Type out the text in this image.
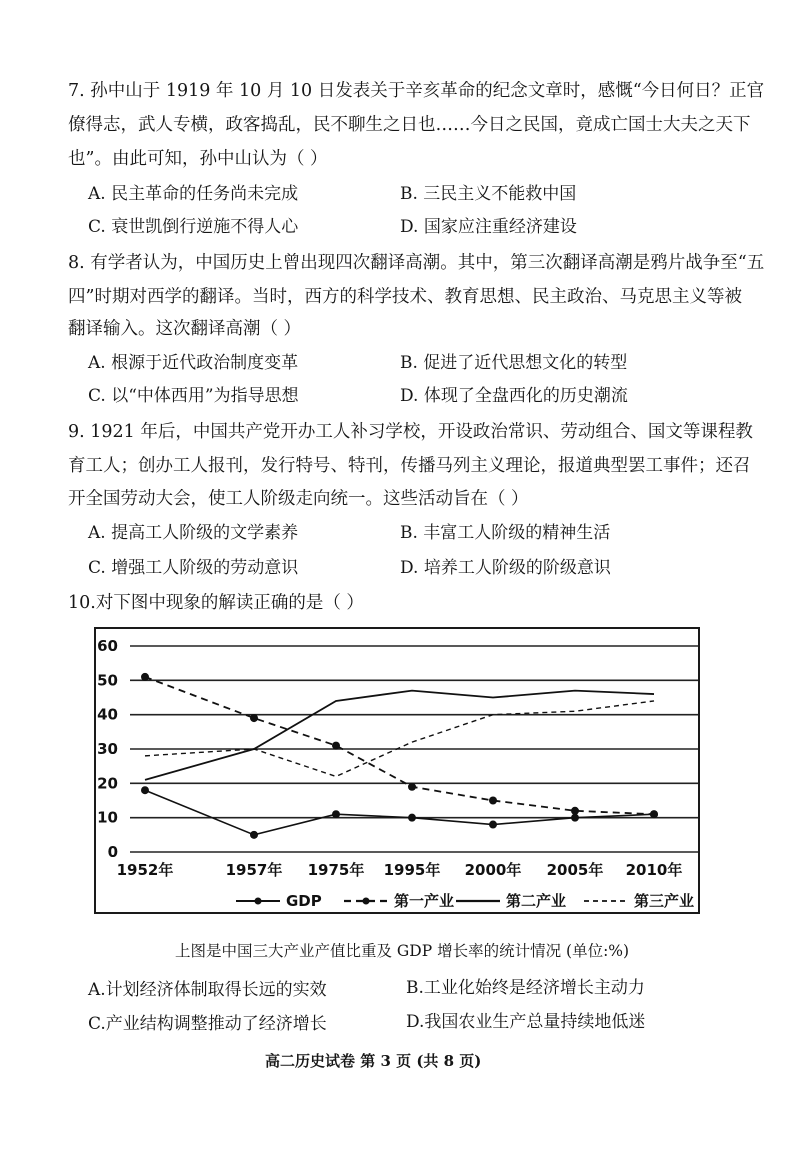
7. 孙中山于 1919 年 10 月 10 日发表关于辛亥革命的纪念文章时，感慨“今日何日？正官
僚得志，武人专横，政客捣乱，民不聊生之日也……今日之民国，竟成亡国士大夫之天下
也”。由此可知，孙中山认为（ ）
A. 民主革命的任务尚未完成	B. 三民主义不能救中国
C. 衰世凯倒行逆施不得人心	D. 国家应注重经济建设
8. 有学者认为，中国历史上曾出现四次翻译高潮。其中，第三次翻译高潮是鸦片战争至“五
四”时期对西学的翻译。当时，西方的科学技术、教育思想、民主政治、马克思主义等被
翻译输入。这次翻译高潮（ ）
A. 根源于近代政治制度变革	B. 促进了近代思想文化的转型
C. 以“中体西用”为指导思想	D. 体现了全盘西化的历史潮流
9. 1921 年后，中国共产党开办工人补习学校，开设政治常识、劳动组合、国文等课程教
育工人；创办工人报刊，发行特号、特刊，传播马列主义理论，报道典型罢工事件；还召
开全国劳动大会，使工人阶级走向统一。这些活动旨在（ ）
A. 提高工人阶级的文学素养	B. 丰富工人阶级的精神生活
C. 增强工人阶级的劳动意识	D. 培养工人阶级的阶级意识
10.对下图中现象的解读正确的是（ ）
0
10
20
30
40
50
60
1952年	1957年 1975年 1995年 2000年 2005年 2010年
GDP	第一产业	第二产业	第三产业
上图是中国三大产业产值比重及 GDP 增长率的统计情况 (单位:%)
A.计划经济体制取得长远的实效	B.工业化始终是经济增长主动力
C.产业结构调整推动了经济增长	D.我国农业生产总量持续地低迷
高二历史试卷 第 3 页 (共 8 页)
